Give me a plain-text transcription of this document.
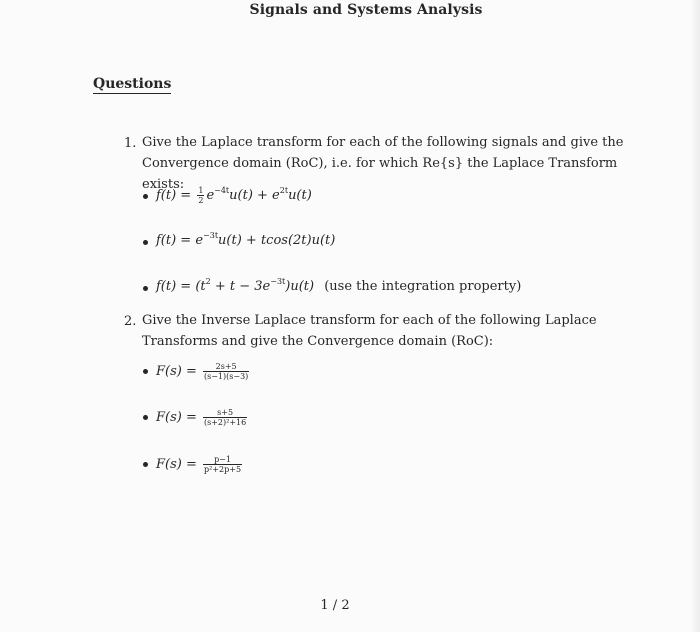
Signals and Systems Analysis
Questions
1. Give the Laplace transform for each of the following signals and give the Convergence domain (RoC), i.e. for which Re{s} the Laplace Transform exists:
$f(t) = \frac{1}{2} e^{-4t}u(t) + e^{2t}u(t)$
$f(t) = e^{-3t}u(t) + tcos(2t)u(t)$
$f(t) = (t^2 + t - 3e^{-3t})u(t)$ (use the integration property)
2. Give the Inverse Laplace transform for each of the following Laplace Transforms and give the Convergence domain (RoC):
$F(s) = \frac{2s+5}{(s-1)(s-3)}$
$F(s) = \frac{s+5}{\text{(s+2)²+16}}$
$F(s) = \frac{p-1}{\text{p²+2p+5}}$
1 / 2
